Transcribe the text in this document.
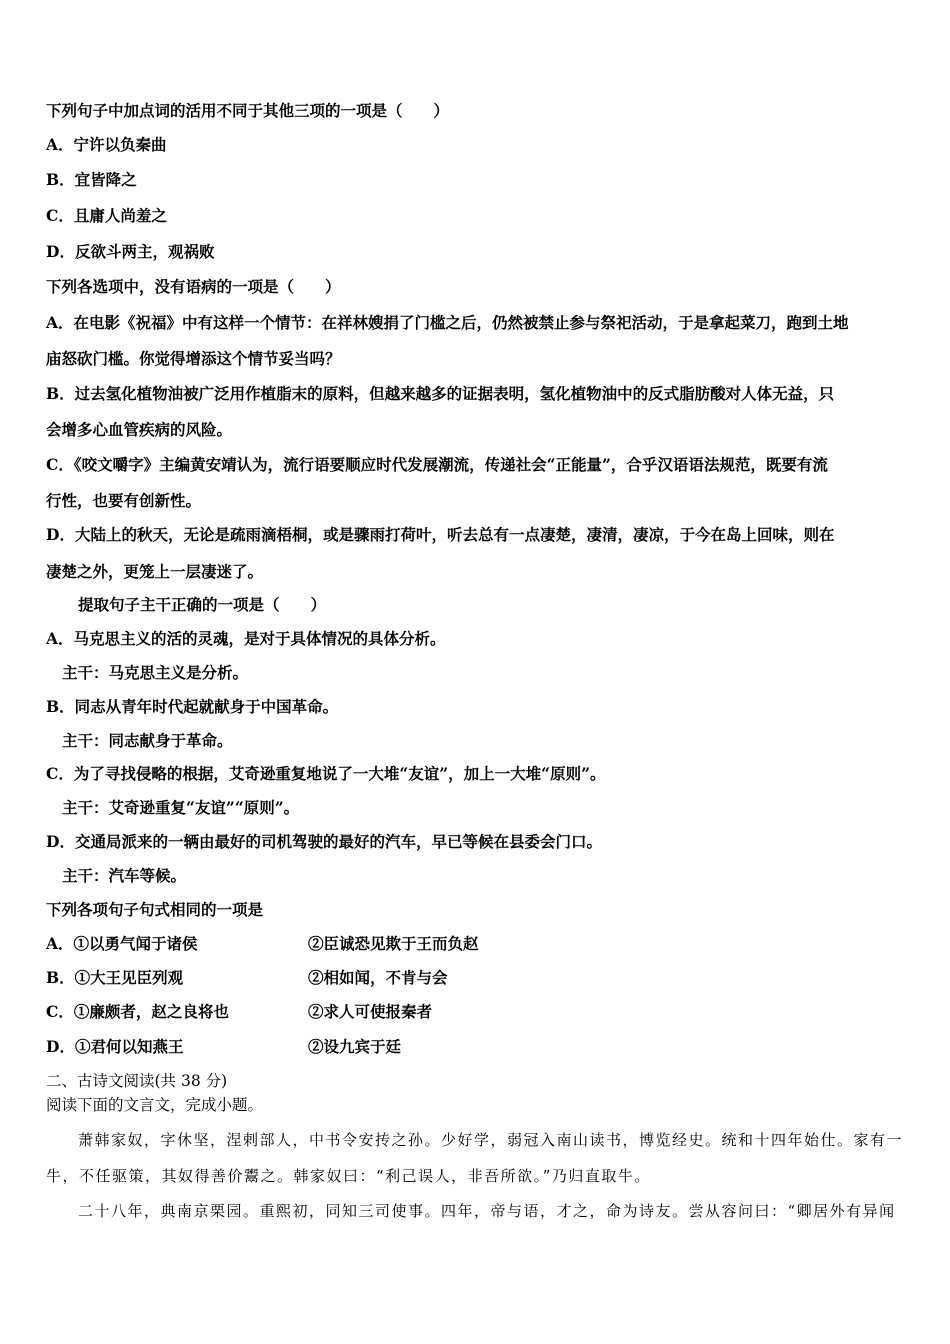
下列句子中加点词的活用不同于其他三项的一项是（　　）
A．宁许以负秦曲
B．宜皆降之
C．且庸人尚羞之
D．反欲斗两主，观祸败
下列各选项中，没有语病的一项是（　　）
A．在电影《祝福》中有这样一个情节：在祥林嫂捐了门槛之后，仍然被禁止参与祭祀活动，于是拿起菜刀，跑到土地
庙怒砍门槛。你觉得增添这个情节妥当吗？
B．过去氢化植物油被广泛用作植脂末的原料，但越来越多的证据表明，氢化植物油中的反式脂肪酸对人体无益，只
会增多心血管疾病的风险。
C．《咬文嚼字》主编黄安靖认为，流行语要顺应时代发展潮流，传递社会“正能量”，合乎汉语语法规范，既要有流
行性，也要有创新性。
D．大陆上的秋天，无论是疏雨滴梧桐，或是骤雨打荷叶，听去总有一点凄楚，凄清，凄凉，于今在岛上回味，则在
凄楚之外，更笼上一层凄迷了。
提取句子主干正确的一项是（　　）
A．马克思主义的活的灵魂，是对于具体情况的具体分析。
主干：马克思主义是分析。
B．同志从青年时代起就献身于中国革命。
主干：同志献身于革命。
C．为了寻找侵略的根据，艾奇逊重复地说了一大堆“友谊”，加上一大堆“原则”。
主干：艾奇逊重复“友谊”“原则”。
D．交通局派来的一辆由最好的司机驾驶的最好的汽车，早已等候在县委会门口。
主干：汽车等候。
下列各项句子句式相同的一项是
A．①以勇气闻于诸侯	②臣诚恐见欺于王而负赵
B．①大王见臣列观	②相如闻，不肯与会
C．①廉颇者，赵之良将也	②求人可使报秦者
D．①君何以知燕王	②设九宾于廷
二、古诗文阅读(共 38 分)
阅读下面的文言文，完成小题。
萧韩家奴，字休坚，涅剌部人，中书令安抟之孙。少好学，弱冠入南山读书，博览经史。统和十四年始仕。家有一
牛，不任驱策，其奴得善价鬻之。韩家奴曰：“利己误人，非吾所欲。”乃归直取牛。
二十八年，典南京栗园。重熙初，同知三司使事。四年，帝与语，才之，命为诗友。尝从容问曰：“卿居外有异闻
